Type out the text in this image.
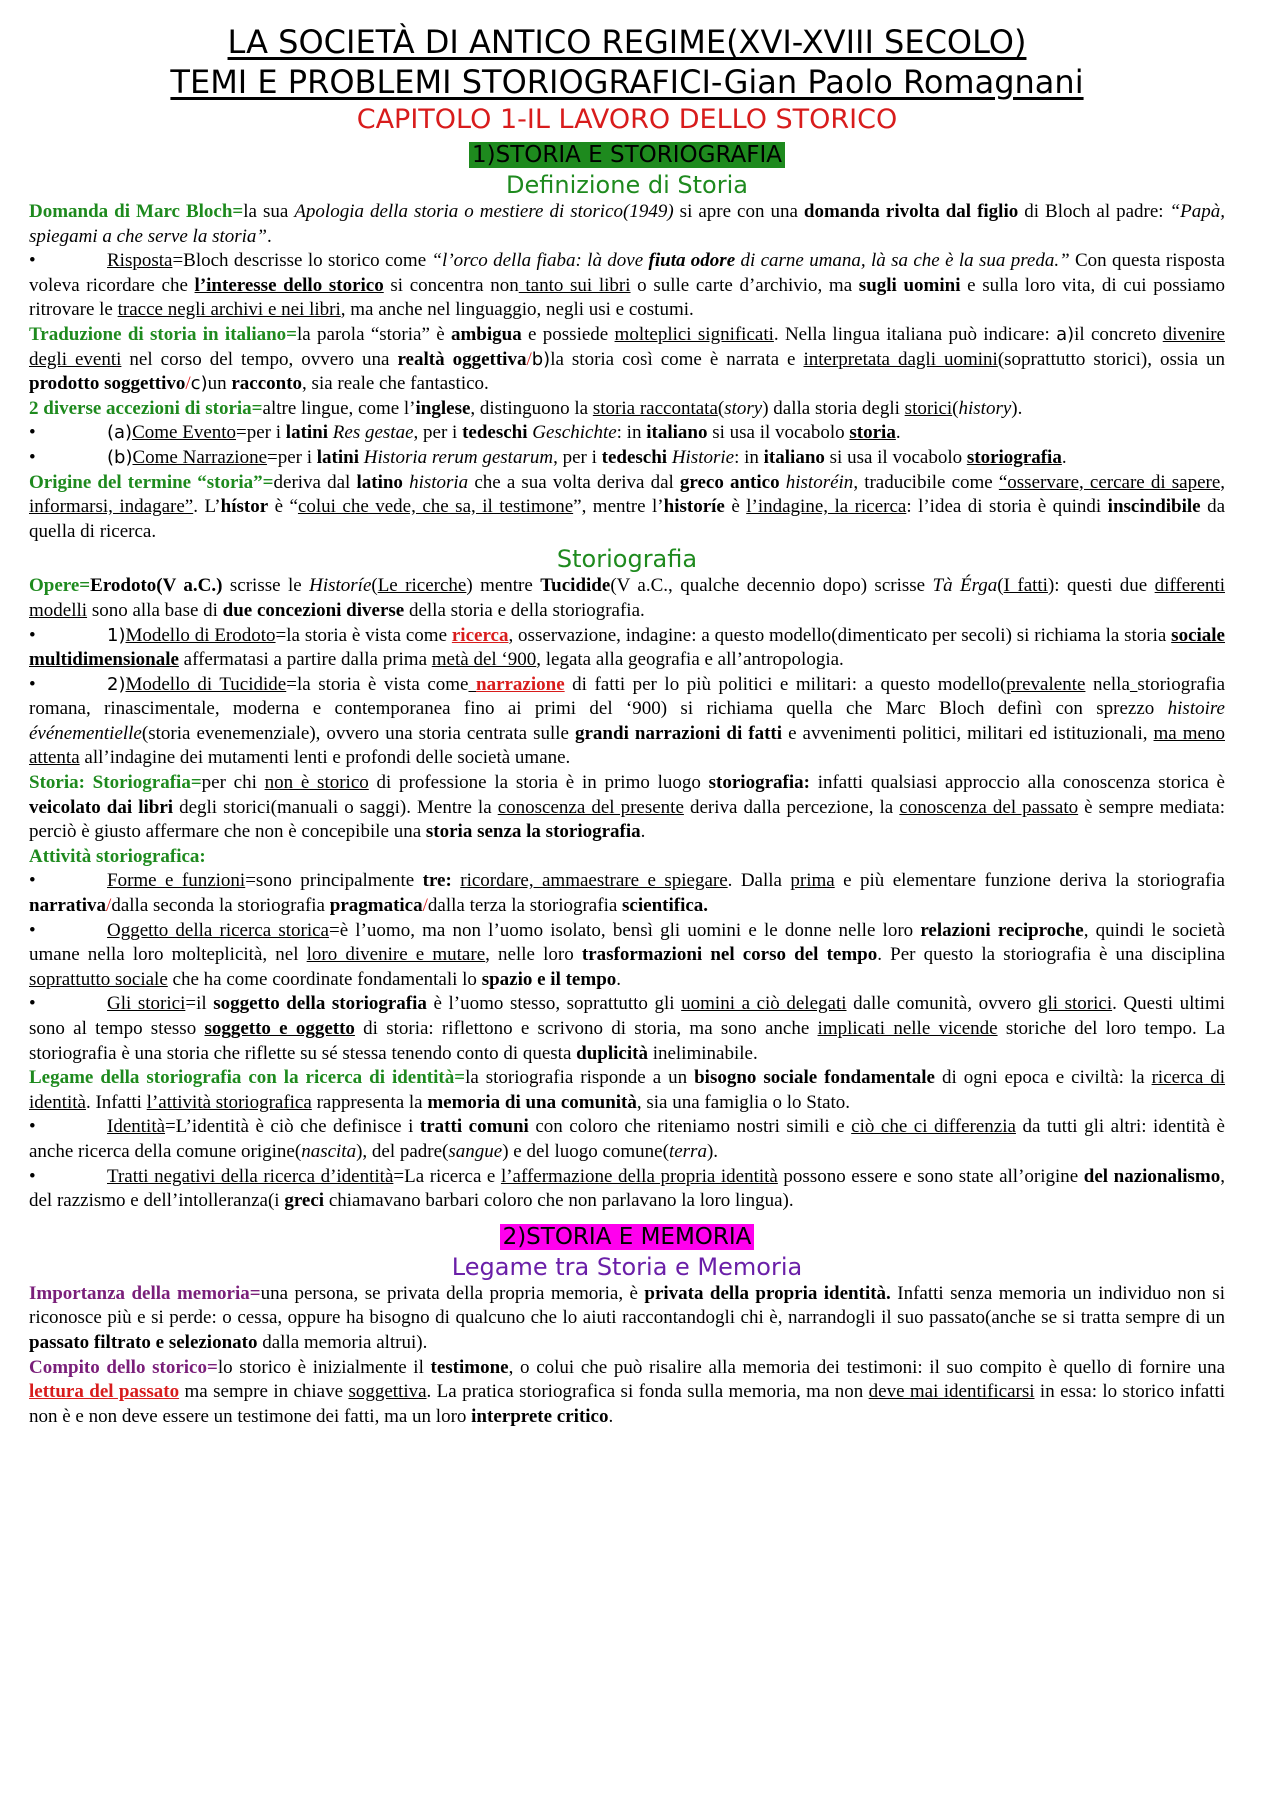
LA SOCIETÀ DI ANTICO REGIME(XVI-XVIII SECOLO)
TEMI E PROBLEMI STORIOGRAFICI-Gian Paolo Romagnani
CAPITOLO 1-IL LAVORO DELLO STORICO
1)STORIA E STORIOGRAFIA
Definizione di Storia

Domanda di Marc Bloch=la sua Apologia della storia o mestiere di storico(1949) si apre con una domanda rivolta dal figlio di Bloch al padre: “Papà, spiegami a che serve la storia”.

•	Risposta=Bloch descrisse lo storico come “l’orco della fiaba: là dove fiuta odore di carne umana, là sa che è la sua preda.” Con questa risposta voleva ricordare che l’interesse dello storico si concentra non tanto sui libri o sulle carte d’archivio, ma sugli uomini e sulla loro vita, di cui possiamo ritrovare le tracce negli archivi e nei libri, ma anche nel linguaggio, negli usi e costumi.

Traduzione di storia in italiano=la parola “storia” è ambigua e possiede molteplici significati. Nella lingua italiana può indicare: a)il concreto divenire degli eventi nel corso del tempo, ovvero una realtà oggettiva/b)la storia così come è narrata e interpretata dagli uomini(soprattutto storici), ossia un prodotto soggettivo/c)un racconto, sia reale che fantastico.

2 diverse accezioni di storia=altre lingue, come l’inglese, distinguono la storia raccontata(story) dalla storia degli storici(history).

•	(a)Come Evento=per i latini Res gestae, per i tedeschi Geschichte: in italiano si usa il vocabolo storia.

•	(b)Come Narrazione=per i latini Historia rerum gestarum, per i tedeschi Historie: in italiano si usa il vocabolo storiografia.

Origine del termine “storia”=deriva dal latino historia che a sua volta deriva dal greco antico historéin, traducibile come “osservare, cercare di sapere, informarsi, indagare”. L’hístor è “colui che vede, che sa, il testimone”, mentre l’historíe è l’indagine, la ricerca: l’idea di storia è quindi inscindibile da quella di ricerca.

Storiografia

Opere=Erodoto(V a.C.) scrisse le Historíe(Le ricerche) mentre Tucidide(V a.C., qualche decennio dopo) scrisse Tà Érga(I fatti): questi due differenti modelli sono alla base di due concezioni diverse della storia e della storiografia.

•	1)Modello di Erodoto=la storia è vista come ricerca, osservazione, indagine: a questo modello(dimenticato per secoli) si richiama la storia sociale multidimensionale affermatasi a partire dalla prima metà del ‘900, legata alla geografia e all’antropologia.

•	2)Modello di Tucidide=la storia è vista come narrazione di fatti per lo più politici e militari: a questo modello(prevalente nella storiografia romana, rinascimentale, moderna e contemporanea fino ai primi del ‘900) si richiama quella che Marc Bloch definì con sprezzo histoire événementielle(storia evenemenziale), ovvero una storia centrata sulle grandi narrazioni di fatti e avvenimenti politici, militari ed istituzionali, ma meno attenta all’indagine dei mutamenti lenti e profondi delle società umane.

Storia: Storiografia=per chi non è storico di professione la storia è in primo luogo storiografia: infatti qualsiasi approccio alla conoscenza storica è veicolato dai libri degli storici(manuali o saggi). Mentre la conoscenza del presente deriva dalla percezione, la conoscenza del passato è sempre mediata: perciò è giusto affermare che non è concepibile una storia senza la storiografia.

Attività storiografica:

•	Forme e funzioni=sono principalmente tre: ricordare, ammaestrare e spiegare. Dalla prima e più elementare funzione deriva la storiografia narrativa/dalla seconda la storiografia pragmatica/dalla terza la storiografia scientifica.

•	Oggetto della ricerca storica=è l’uomo, ma non l’uomo isolato, bensì gli uomini e le donne nelle loro relazioni reciproche, quindi le società umane nella loro molteplicità, nel loro divenire e mutare, nelle loro trasformazioni nel corso del tempo. Per questo la storiografia è una disciplina soprattutto sociale che ha come coordinate fondamentali lo spazio e il tempo.

•	Gli storici=il soggetto della storiografia è l’uomo stesso, soprattutto gli uomini a ciò delegati dalle comunità, ovvero gli storici. Questi ultimi sono al tempo stesso soggetto e oggetto di storia: riflettono e scrivono di storia, ma sono anche implicati nelle vicende storiche del loro tempo. La storiografia è una storia che riflette su sé stessa tenendo conto di questa duplicità ineliminabile.

Legame della storiografia con la ricerca di identità=la storiografia risponde a un bisogno sociale fondamentale di ogni epoca e civiltà: la ricerca di identità. Infatti l’attività storiografica rappresenta la memoria di una comunità, sia una famiglia o lo Stato.

•	Identità=L’identità è ciò che definisce i tratti comuni con coloro che riteniamo nostri simili e ciò che ci differenzia da tutti gli altri: identità è anche ricerca della comune origine(nascita), del padre(sangue) e del luogo comune(terra).

•	Tratti negativi della ricerca d’identità=La ricerca e l’affermazione della propria identità possono essere e sono state all’origine del nazionalismo, del razzismo e dell’intolleranza(i greci chiamavano barbari coloro che non parlavano la loro lingua).

2)STORIA E MEMORIA
Legame tra Storia e Memoria

Importanza della memoria=una persona, se privata della propria memoria, è privata della propria identità. Infatti senza memoria un individuo non si riconosce più e si perde: o cessa, oppure ha bisogno di qualcuno che lo aiuti raccontandogli chi è, narrandogli il suo passato(anche se si tratta sempre di un passato filtrato e selezionato dalla memoria altrui).

Compito dello storico=lo storico è inizialmente il testimone, o colui che può risalire alla memoria dei testimoni: il suo compito è quello di fornire una lettura del passato ma sempre in chiave soggettiva. La pratica storiografica si fonda sulla memoria, ma non deve mai identificarsi in essa: lo storico infatti non è e non deve essere un testimone dei fatti, ma un loro interprete critico.
